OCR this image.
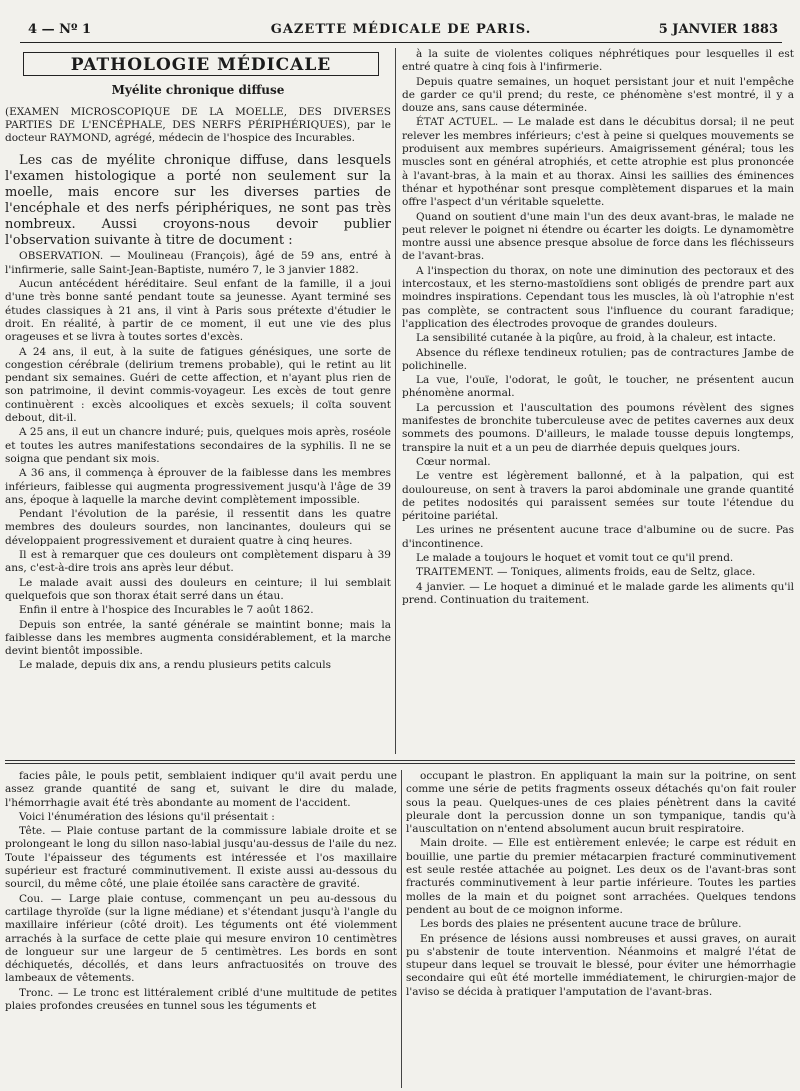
4 — Nº 1	GAZETTE MÉDICALE DE PARIS.	5 JANVIER 1883
PATHOLOGIE MÉDICALE
Myélite chronique diffuse

(EXAMEN MICROSCOPIQUE DE LA MOELLE, DES DIVERSES PARTIES DE L'ENCÉPHALE, DES NERFS PÉRIPHÉRIQUES), par le docteur RAYMOND, agrégé, médecin de l'hospice des Incurables.

Les cas de myélite chronique diffuse, dans lesquels l'examen histologique a porté non seulement sur la moelle, mais encore sur les diverses parties de l'encéphale et des nerfs périphériques, ne sont pas très nombreux. Aussi croyons-nous devoir publier l'observation suivante à titre de document :

OBSERVATION. — Moulineau (François), âgé de 59 ans, entré à l'infirmerie, salle Saint-Jean-Baptiste, numéro 7, le 3 janvier 1882.

Aucun antécédent héréditaire. Seul enfant de la famille, il a joui d'une très bonne santé pendant toute sa jeunesse. Ayant terminé ses études classiques à 21 ans, il vint à Paris sous prétexte d'étudier le droit. En réalité, à partir de ce moment, il eut une vie des plus orageuses et se livra à toutes sortes d'excès.

A 24 ans, il eut, à la suite de fatigues génésiques, une sorte de congestion cérébrale (delirium tremens probable), qui le retint au lit pendant six semaines. Guéri de cette affection, et n'ayant plus rien de son patrimoine, il devint commis-voyageur. Les excès de tout genre continuèrent : excès alcooliques et excès sexuels; il coïta souvent debout, dit-il.

A 25 ans, il eut un chancre induré; puis, quelques mois après, roséole et toutes les autres manifestations secondaires de la syphilis. Il ne se soigna que pendant six mois.

A 36 ans, il commença à éprouver de la faiblesse dans les membres inférieurs, faiblesse qui augmenta progressivement jusqu'à l'âge de 39 ans, époque à laquelle la marche devint complètement impossible.

Pendant l'évolution de la parésie, il ressentit dans les quatre membres des douleurs sourdes, non lancinantes, douleurs qui se développaient progressivement et duraient quatre à cinq heures.

Il est à remarquer que ces douleurs ont complètement disparu à 39 ans, c'est-à-dire trois ans après leur début.

Le malade avait aussi des douleurs en ceinture; il lui semblait quelquefois que son thorax était serré dans un étau.

Enfin il entre à l'hospice des Incurables le 7 août 1862.

Depuis son entrée, la santé générale se maintint bonne; mais la faiblesse dans les membres augmenta considérablement, et la marche devint bientôt impossible.

Le malade, depuis dix ans, a rendu plusieurs petits calculs

à la suite de violentes coliques néphrétiques pour lesquelles il est entré quatre à cinq fois à l'infirmerie.

Depuis quatre semaines, un hoquet persistant jour et nuit l'empêche de garder ce qu'il prend; du reste, ce phénomène s'est montré, il y a douze ans, sans cause déterminée.

ÉTAT ACTUEL. — Le malade est dans le décubitus dorsal; il ne peut relever les membres inférieurs; c'est à peine si quelques mouvements se produisent aux membres supérieurs. Amaigrissement général; tous les muscles sont en général atrophiés, et cette atrophie est plus prononcée à l'avant-bras, à la main et au thorax. Ainsi les saillies des éminences thénar et hypothénar sont presque complètement disparues et la main offre l'aspect d'un véritable squelette.

Quand on soutient d'une main l'un des deux avant-bras, le malade ne peut relever le poignet ni étendre ou écarter les doigts. Le dynamomètre montre aussi une absence presque absolue de force dans les fléchisseurs de l'avant-bras.

A l'inspection du thorax, on note une diminution des pectoraux et des intercostaux, et les sterno-mastoïdiens sont obligés de prendre part aux moindres inspirations. Cependant tous les muscles, là où l'atrophie n'est pas complète, se contractent sous l'influence du courant faradique; l'application des électrodes provoque de grandes douleurs.

La sensibilité cutanée à la piqûre, au froid, à la chaleur, est intacte.

Absence du réflexe tendineux rotulien; pas de contractures Jambe de polichinelle.

La vue, l'ouïe, l'odorat, le goût, le toucher, ne présentent aucun phénomène anormal.

La percussion et l'auscultation des poumons révèlent des signes manifestes de bronchite tuberculeuse avec de petites cavernes aux deux sommets des poumons. D'ailleurs, le malade tousse depuis longtemps, transpire la nuit et a un peu de diarrhée depuis quelques jours.

Cœur normal.

Le ventre est légèrement ballonné, et à la palpation, qui est douloureuse, on sent à travers la paroi abdominale une grande quantité de petites nodosités qui paraissent semées sur toute l'étendue du péritoine pariétal.

Les urines ne présentent aucune trace d'albumine ou de sucre. Pas d'incontinence.

Le malade a toujours le hoquet et vomit tout ce qu'il prend.

TRAITEMENT. — Toniques, aliments froids, eau de Seltz, glace.

4 janvier. — Le hoquet a diminué et le malade garde les aliments qu'il prend. Continuation du traitement.

facies pâle, le pouls petit, semblaient indiquer qu'il avait perdu une assez grande quantité de sang et, suivant le dire du malade, l'hémorrhagie avait été très abondante au moment de l'accident.

Voici l'énumération des lésions qu'il présentait :

Tête. — Plaie contuse partant de la commissure labiale droite et se prolongeant le long du sillon naso-labial jusqu'au-dessus de l'aile du nez. Toute l'épaisseur des téguments est intéressée et l'os maxillaire supérieur est fracturé comminutivement. Il existe aussi au-dessous du sourcil, du même côté, une plaie étoilée sans caractère de gravité.

Cou. — Large plaie contuse, commençant un peu au-dessous du cartilage thyroïde (sur la ligne médiane) et s'étendant jusqu'à l'angle du maxillaire inférieur (côté droit). Les téguments ont été violemment arrachés à la surface de cette plaie qui mesure environ 10 centimètres de longueur sur une largeur de 5 centimètres. Les bords en sont déchiquetés, décollés, et dans leurs anfractuosités on trouve des lambeaux de vêtements.

Tronc. — Le tronc est littéralement criblé d'une multitude de petites plaies profondes creusées en tunnel sous les téguments et

occupant le plastron. En appliquant la main sur la poitrine, on sent comme une série de petits fragments osseux détachés qu'on fait rouler sous la peau. Quelques-unes de ces plaies pénètrent dans la cavité pleurale dont la percussion donne un son tympanique, tandis qu'à l'auscultation on n'entend absolument aucun bruit respiratoire.

Main droite. — Elle est entièrement enlevée; le carpe est réduit en bouillie, une partie du premier métacarpien fracturé comminutivement est seule restée attachée au poignet. Les deux os de l'avant-bras sont fracturés comminutivement à leur partie inférieure. Toutes les parties molles de la main et du poignet sont arrachées. Quelques tendons pendent au bout de ce moignon informe.

Les bords des plaies ne présentent aucune trace de brûlure.

En présence de lésions aussi nombreuses et aussi graves, on aurait pu s'abstenir de toute intervention. Néanmoins et malgré l'état de stupeur dans lequel se trouvait le blessé, pour éviter une hémorrhagie secondaire qui eût été mortelle immédiatement, le chirurgien-major de l'aviso se décida à pratiquer l'amputation de l'avant-bras.
